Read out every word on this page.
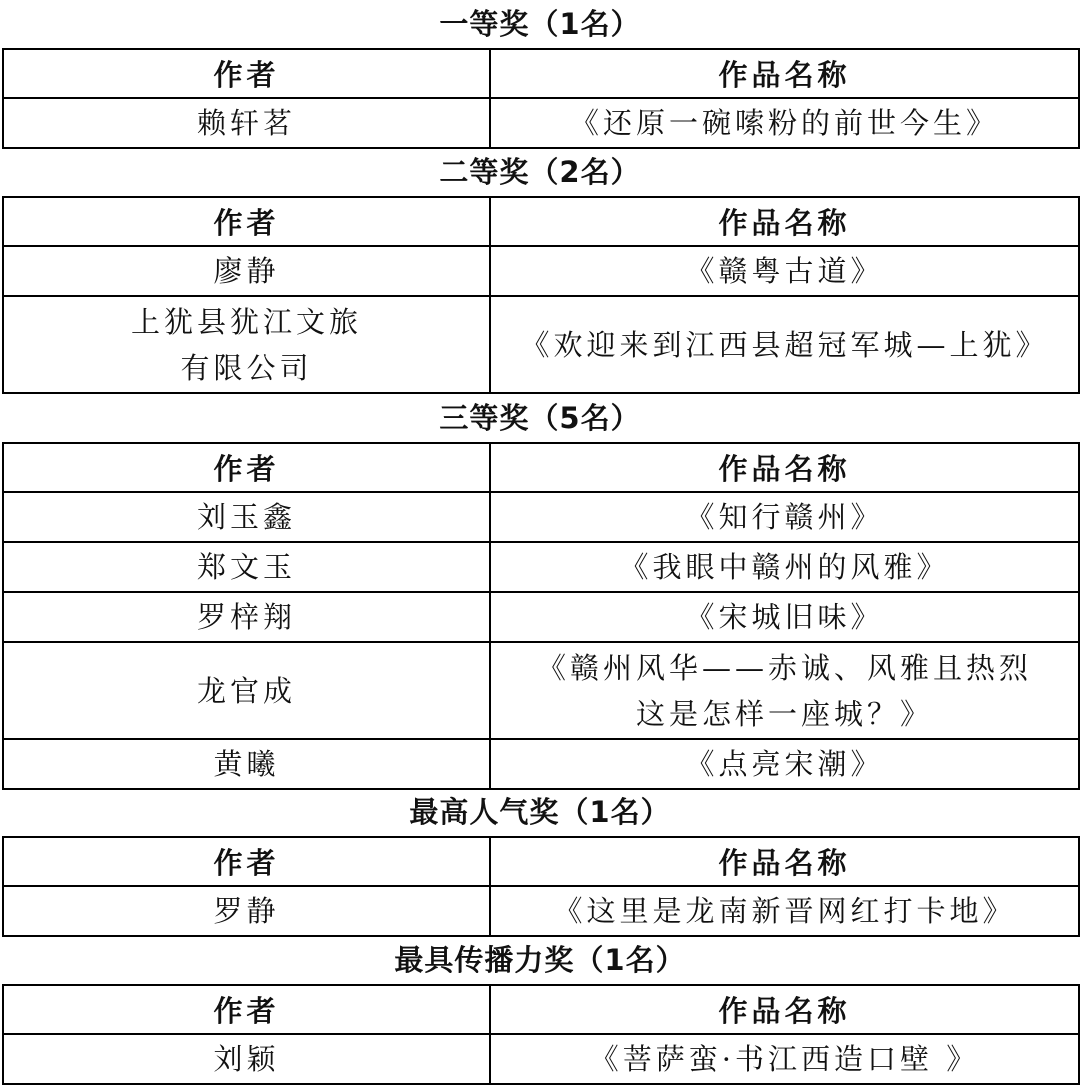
一等奖（1名）
作者	作品名称
赖轩茗	《还原一碗嗦粉的前世今生》
二等奖（2名）
作者	作品名称
廖静	《赣粤古道》

上犹县犹江文旅
有限公司	《欢迎来到江西县超冠军城—上犹》
三等奖（5名）
作者	作品名称
刘玉鑫	《知行赣州》
郑文玉	《我眼中赣州的风雅》
罗梓翔	《宋城旧味》
龙官成	《赣州风华——赤诚、风雅且热烈
这是怎样一座城？》

黄曦	《点亮宋潮》
最高人气奖（1名）
作者	作品名称
罗静	《这里是龙南新晋网红打卡地》
最具传播力奖（1名）
作者	作品名称
刘颖	《菩萨蛮·书江西造口壁 》
